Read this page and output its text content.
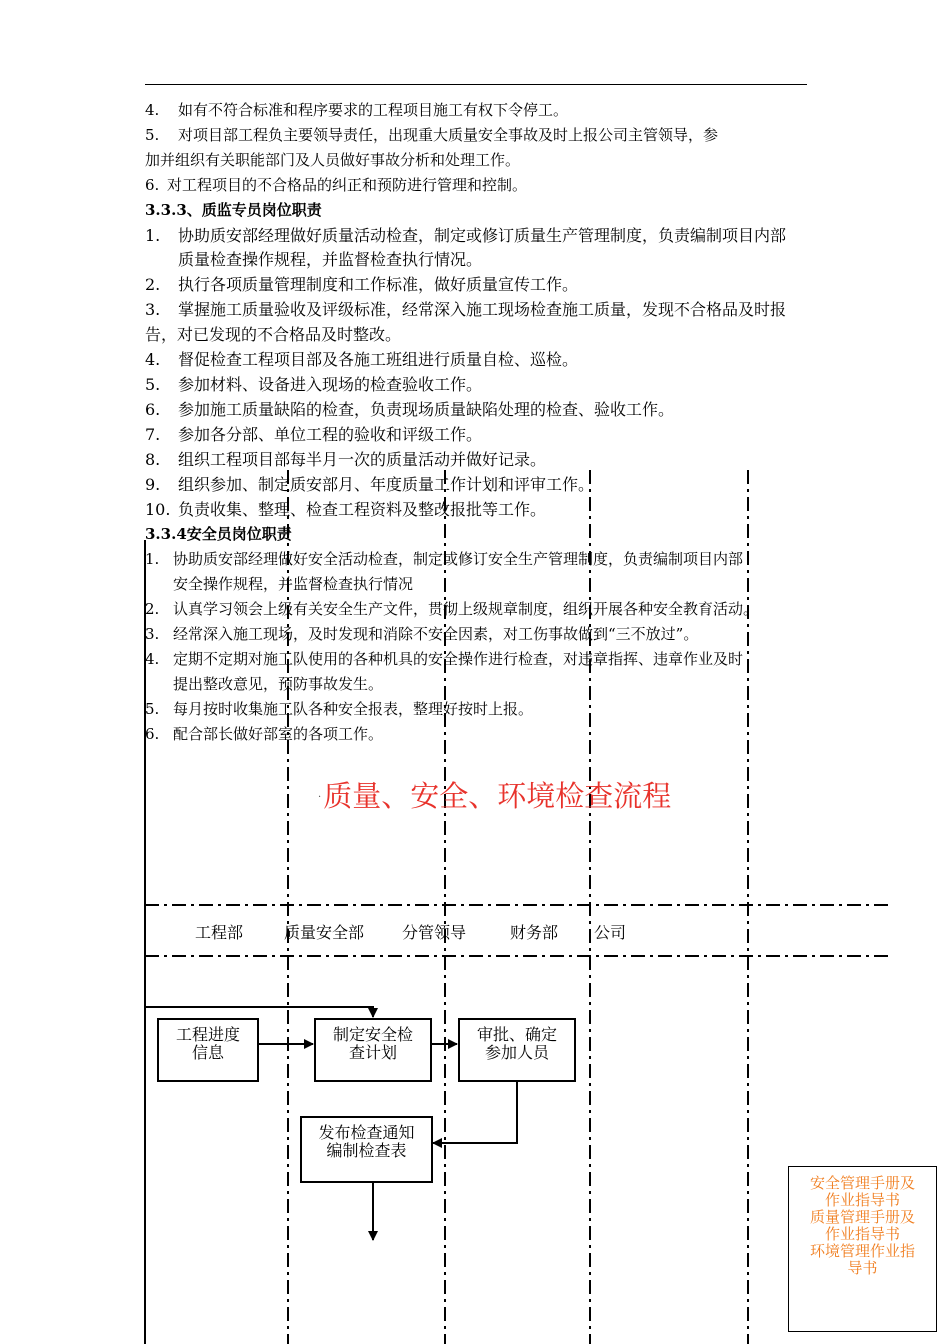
4. 如有不符合标准和程序要求的工程项目施工有权下令停工。
5. 对项目部工程负主要领导责任，出现重大质量安全事故及时上报公司主管领导，参
加并组织有关职能部门及人员做好事故分析和处理工作。
6. 对工程项目的不合格品的纠正和预防进行管理和控制。
3.3.3、质监专员岗位职责
1. 协助质安部经理做好质量活动检查，制定或修订质量生产管理制度，负责编制项目内部
质量检查操作规程，并监督检查执行情况。
2. 执行各项质量管理制度和工作标准，做好质量宣传工作。
3. 掌握施工质量验收及评级标准，经常深入施工现场检查施工质量，发现不合格品及时报
告，对已发现的不合格品及时整改。
4. 督促检查工程项目部及各施工班组进行质量自检、巡检。
5. 参加材料、设备进入现场的检查验收工作。
6. 参加施工质量缺陷的检查，负责现场质量缺陷处理的检查、验收工作。
7. 参加各分部、单位工程的验收和评级工作。
8. 组织工程项目部每半月一次的质量活动并做好记录。
9. 组织参加、制定质安部月、年度质量工作计划和评审工作。
10. 负责收集、整理、检查工程资料及整改报批等工作。
3.3.4安全员岗位职责
1. 协助质安部经理做好安全活动检查，制定或修订安全生产管理制度，负责编制项目内部
安全操作规程，并监督检查执行情况
2. 认真学习领会上级有关安全生产文件，贯彻上级规章制度，组织开展各种安全教育活动。
3. 经常深入施工现场，及时发现和消除不安全因素，对工伤事故做到“三不放过”。
4. 定期不定期对施工队使用的各种机具的安全操作进行检查，对违章指挥、违章作业及时
提出整改意见，预防事故发生。
5. 每月按时收集施工队各种安全报表，整理好按时上报。
6. 配合部长做好部室的各项工作。
·质量、安全、环境检查流程
工程部	质量安全部 分管领导	财务部 公司
工程进度
信息
制定安全检
查计划
审批、确定
参加人员
发布检查通知
编制检查表
安全管理手册及
作业指导书
质量管理手册及
作业指导书
环境管理作业指
导书
